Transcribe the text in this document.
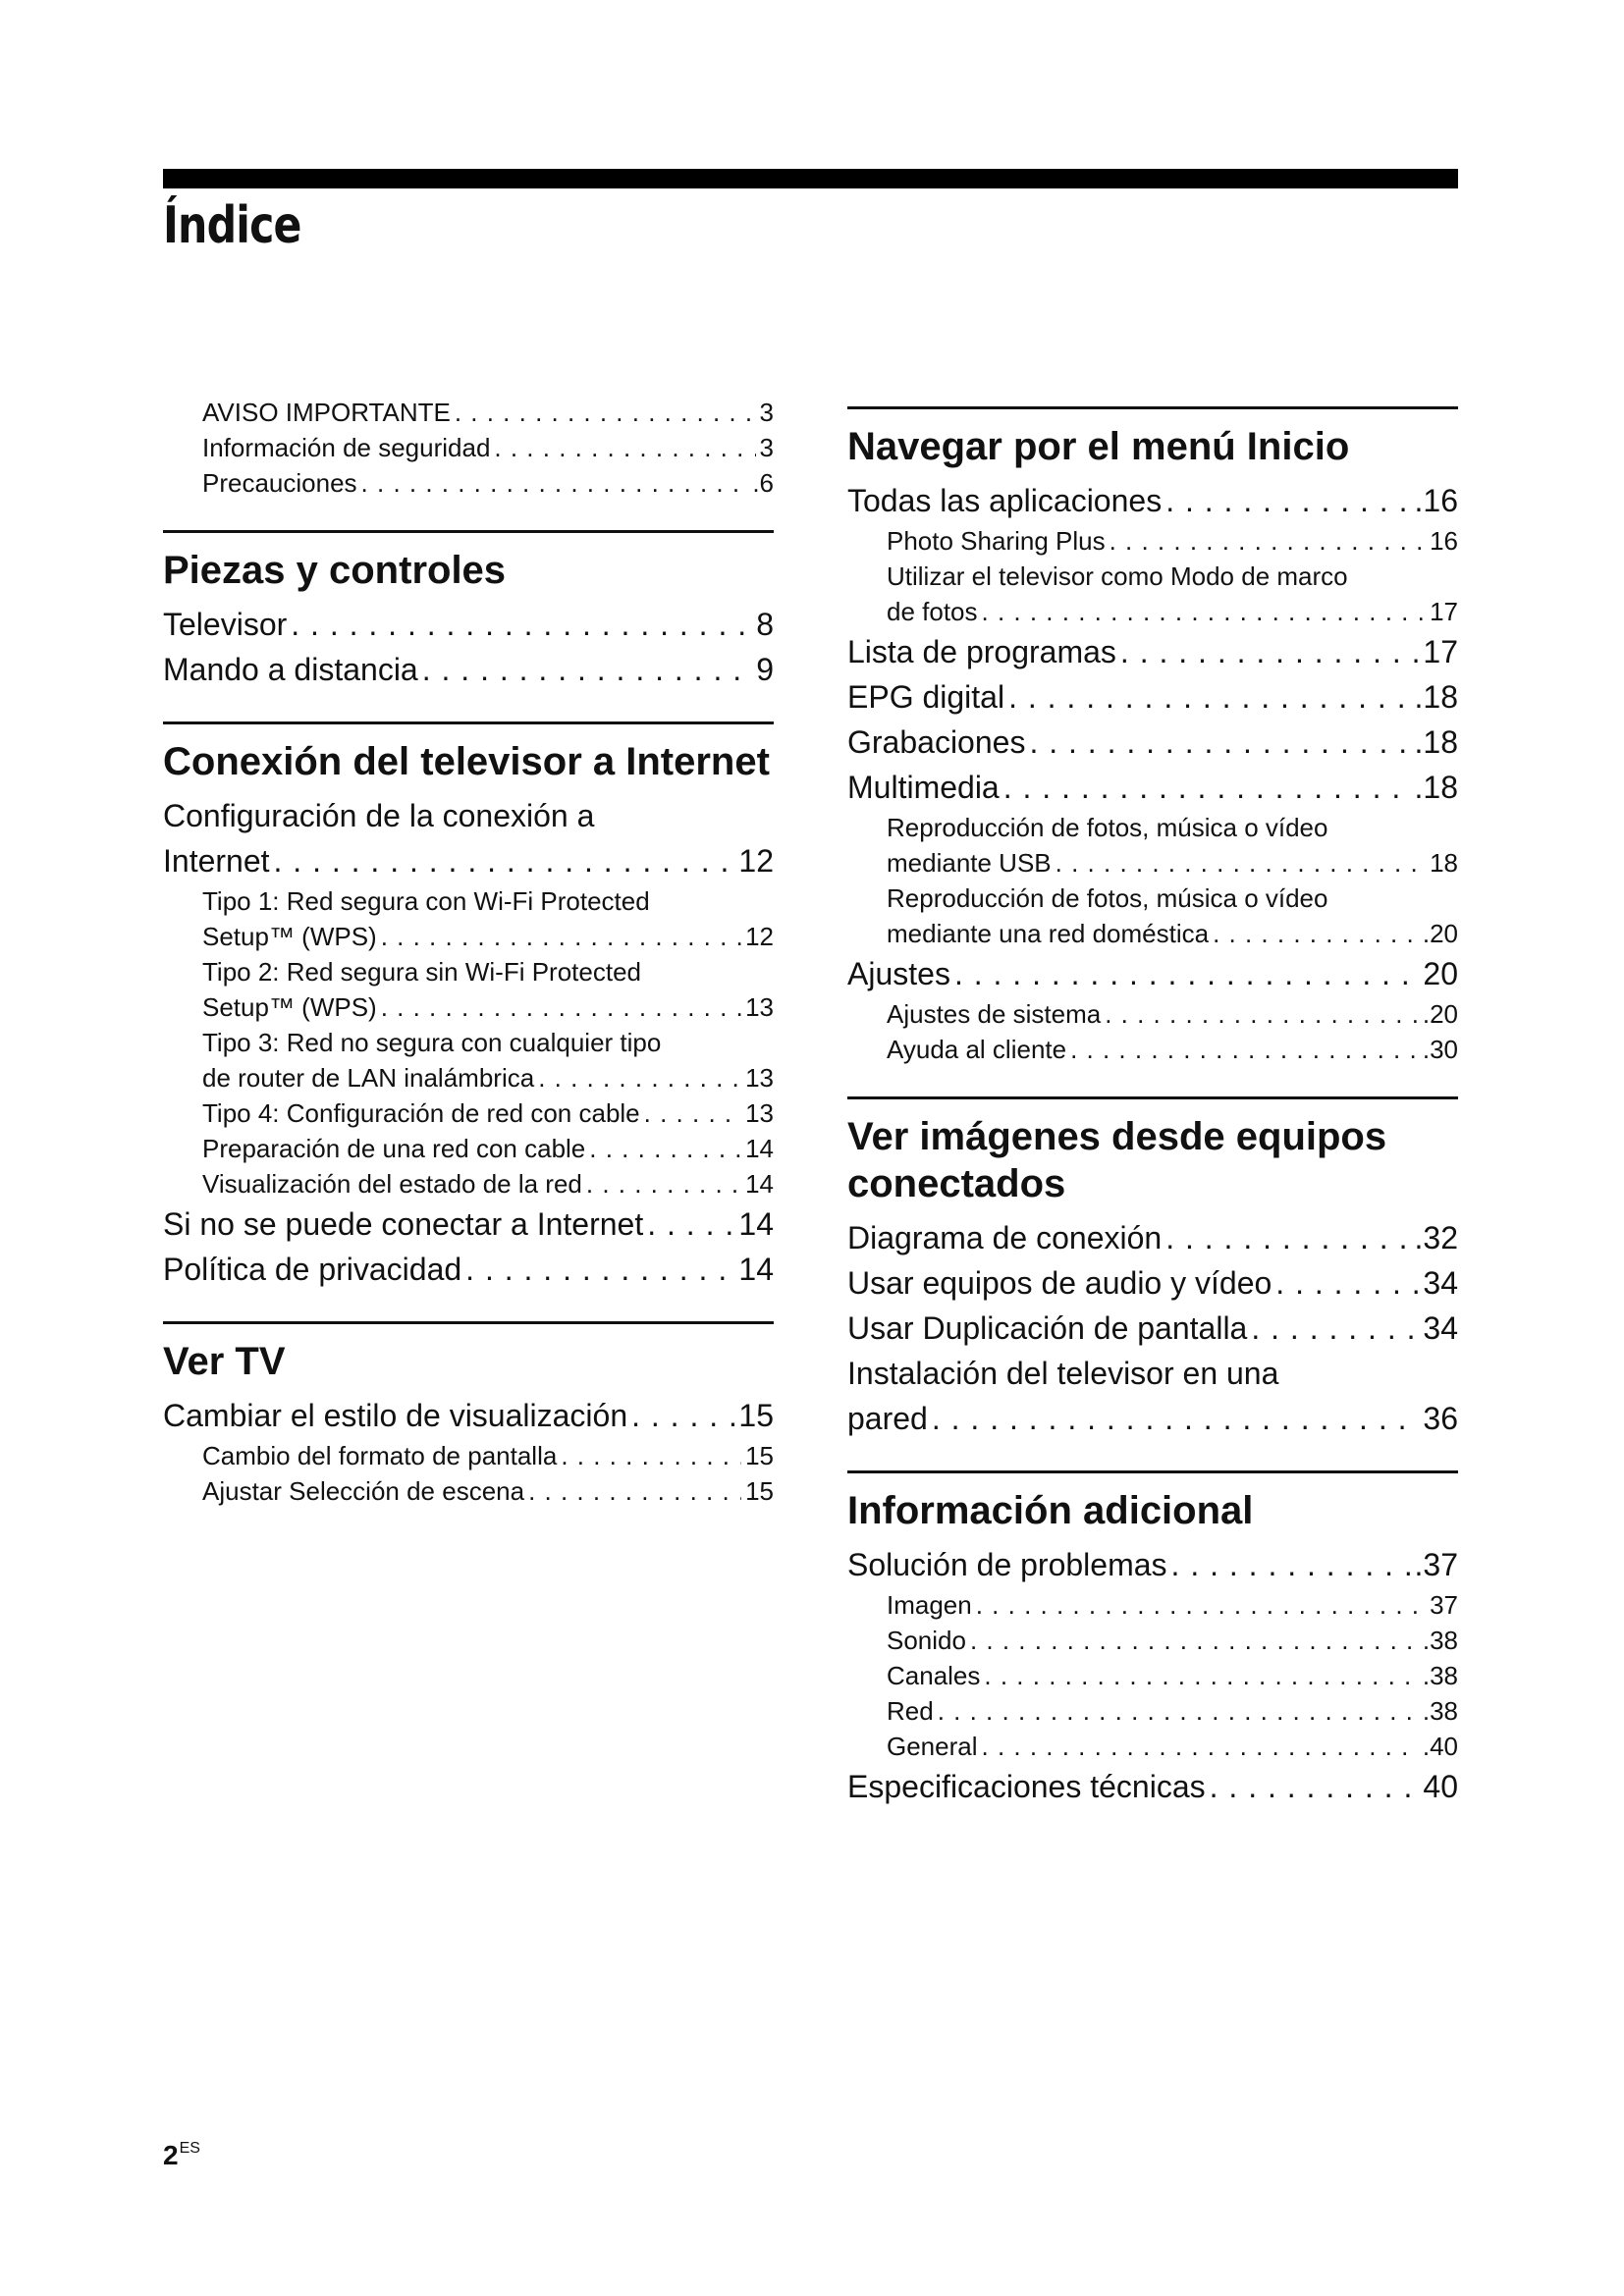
Índice
AVISO IMPORTANTE . . .	3
Información de seguridad . . .	3
Precauciones . . .	.6
Piezas y controles
Televisor . . .	8
Mando a distancia . . .	9
Conexión del televisor a Internet
Configuración de la conexión a
Internet . . .	12
Tipo 1: Red segura con Wi-Fi Protected
Setup™ (WPS) . . .	12
Tipo 2: Red segura sin Wi-Fi Protected
Setup™ (WPS) . . .	13
Tipo 3: Red no segura con cualquier tipo
de router de LAN inalámbrica . . .	13
Tipo 4: Configuración de red con cable . . .	13
Preparación de una red con cable . . .	14
Visualización del estado de la red . . .	14
Si no se puede conectar a Internet . . .	14
Política de privacidad . . .	14
Ver TV
Cambiar el estilo de visualización . . .	15
Cambio del formato de pantalla . . .	15
Ajustar Selección de escena . . .	15
Navegar por el menú Inicio
Todas las aplicaciones . . .	.16
Photo Sharing Plus . . .	16
Utilizar el televisor como Modo de marco
de fotos . . .	17
Lista de programas . . .	17
EPG digital . . .	.18
Grabaciones . . .	.18
Multimedia . . .	.18
Reproducción de fotos, música o vídeo
mediante USB . . .	18
Reproducción de fotos, música o vídeo
mediante una red doméstica . . .	.20
Ajustes . . .	20
Ajustes de sistema . . .	.20
Ayuda al cliente . . .	.30
Ver imágenes desde equipos conectados
Diagrama de conexión . . .	.32
Usar equipos de audio y vídeo . . .	34
Usar Duplicación de pantalla . . .	34
Instalación del televisor en una
pared . . .	36
Información adicional
Solución de problemas . . .	.37
Imagen . . .	37
Sonido . . .	.38
Canales . . .	.38
Red . . .	.38
General . . .	.40
Especificaciones técnicas . . .	40
$2^{ES}$
